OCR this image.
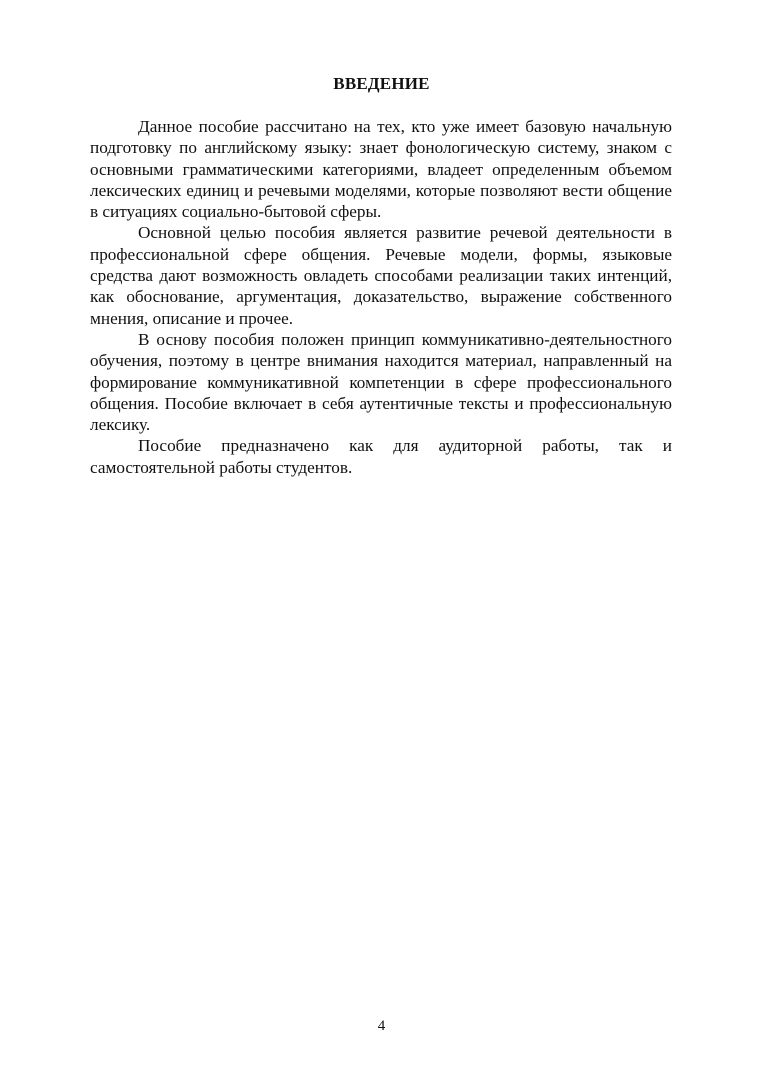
ВВЕДЕНИЕ

Данное пособие рассчитано на тех, кто уже имеет базовую начальную подготовку по английскому языку: знает фонологическую систему, знаком с основными грамматическими категориями, владеет определенным объемом лексических единиц и речевыми моделями, которые позволяют вести общение в ситуациях социально-бытовой сферы.

Основной целью пособия является развитие речевой деятельности в профессиональной сфере общения. Речевые модели, формы, языковые средства дают возможность овладеть способами реализации таких интенций, как обоснование, аргументация, доказательство, выражение собственного мнения, описание и прочее.

В основу пособия положен принцип коммуникативно-деятельностного обучения, поэтому в центре внимания находится материал, направленный на формирование коммуникативной компетенции в сфере профессионального общения. Пособие включает в себя аутентичные тексты и профессиональную лексику.

Пособие предназначено как для аудиторной работы, так и самостоятельной работы студентов.

4
